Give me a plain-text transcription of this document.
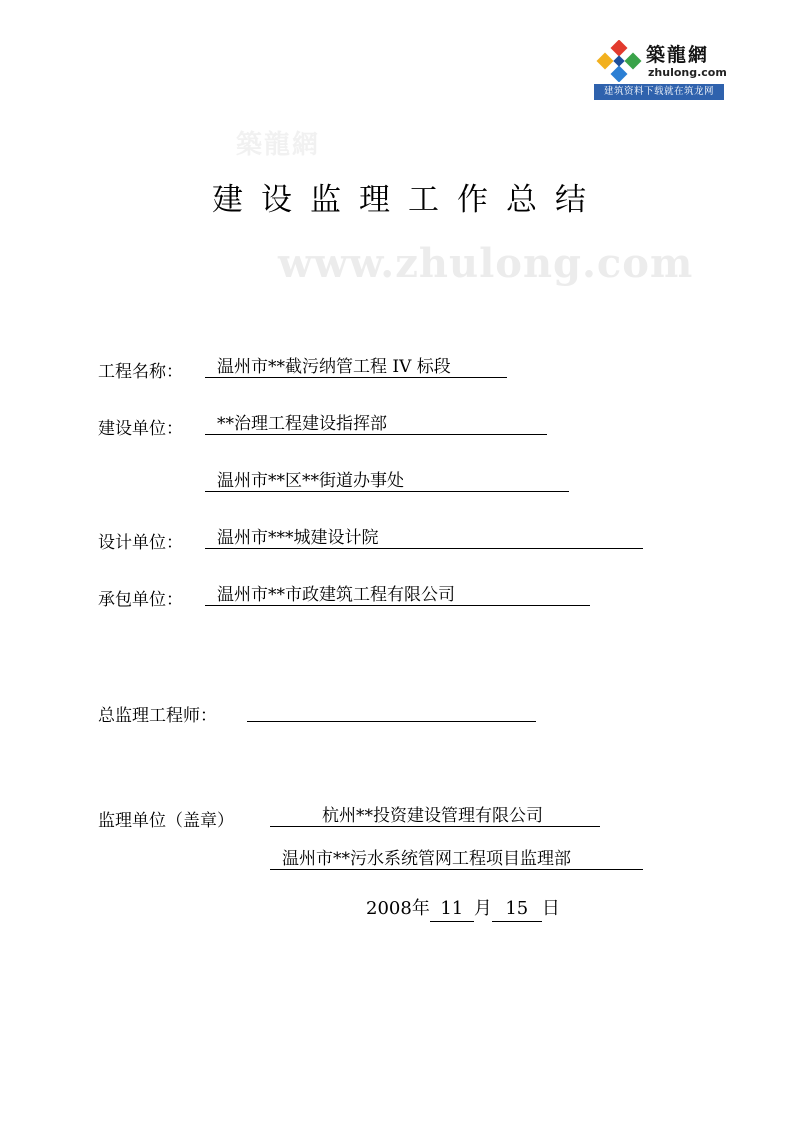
築龍網
zhulong.com
建筑资料下载就在筑龙网
築龍網
www.zhulong.com
建设监理工作总结
工程名称：	温州市**截污纳管工程 IV 标段
建设单位：	**治理工程建设指挥部
温州市**区**街道办事处
设计单位：	温州市***城建设计院
承包单位：	温州市**市政建筑工程有限公司
总监理工程师：
监理单位（盖章）	杭州**投资建设管理有限公司
温州市**污水系统管网工程项目监理部
2008年 11 月 15 日
